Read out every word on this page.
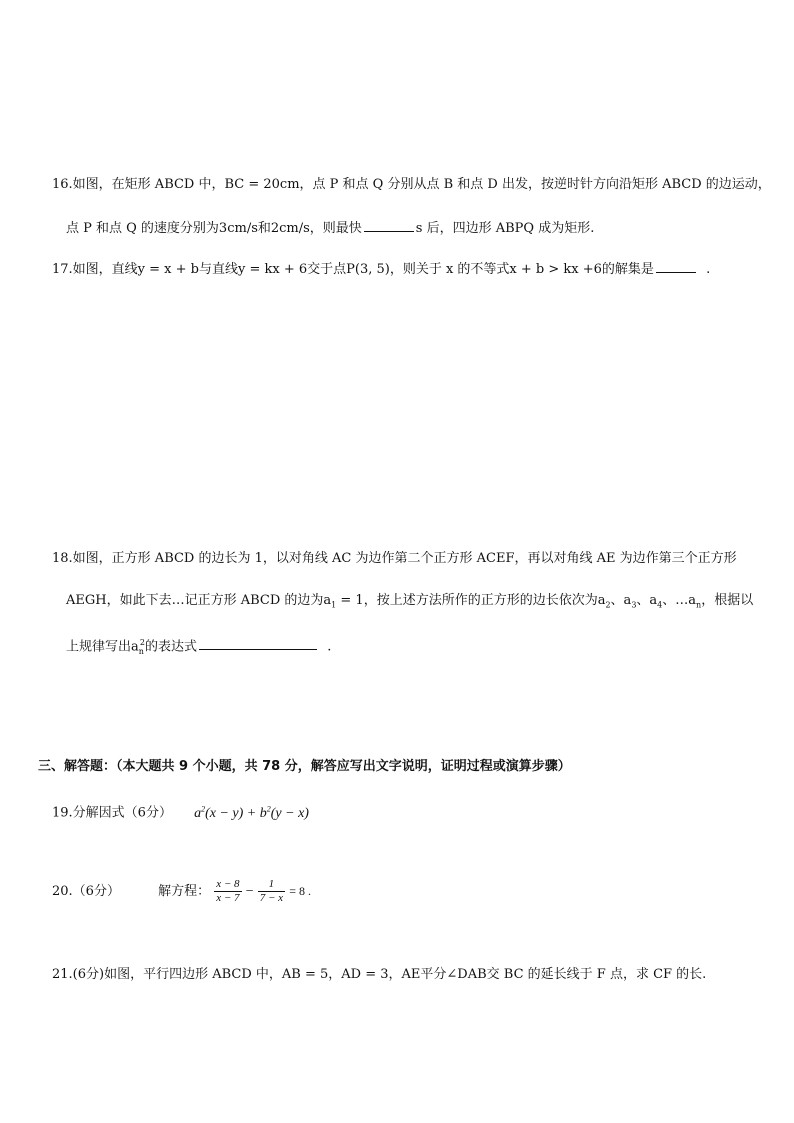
16.如图，在矩形 ABCD 中，BC = 20cm，点 P 和点 Q 分别从点 B 和点 D 出发，按逆时针方向沿矩形 ABCD 的边运动，
点 P 和点 Q 的速度分别为3cm/s和2cm/s，则最快	s 后，四边形 ABPQ 成为矩形.
17.如图，直线y = x + b与直线y = kx + 6交于点P(3, 5)，则关于 x 的不等式x + b > kx +6的解集是	.
18.如图，正方形 ABCD 的边长为 1，以对角线 AC 为边作第二个正方形 ACEF，再以对角线 AE 为边作第三个正方形
AEGH，如此下去…记正方形 ABCD 的边为$a_1 = 1$，按上述方法所作的正方形的边长依次为$a_2$、$a_3$、$a_4$、$\dots a_n$，根据以
上规律写出$a_n^2$的表达式	.
三、解答题：（本大题共 9 个小题，共 78 分，解答应写出文字说明，证明过程或演算步骤）
19.分解因式（6分） $a^2(x - y) + b^2(y - x)$
20.（6分）	解方程： $\frac{x - 8}{x - 7} - \frac{1}{7 - x} = 8$ .
21.(6分)如图，平行四边形 ABCD 中，AB = 5，AD = 3，AE平分∠DAB交 BC 的延长线于 F 点，求 CF 的长.
